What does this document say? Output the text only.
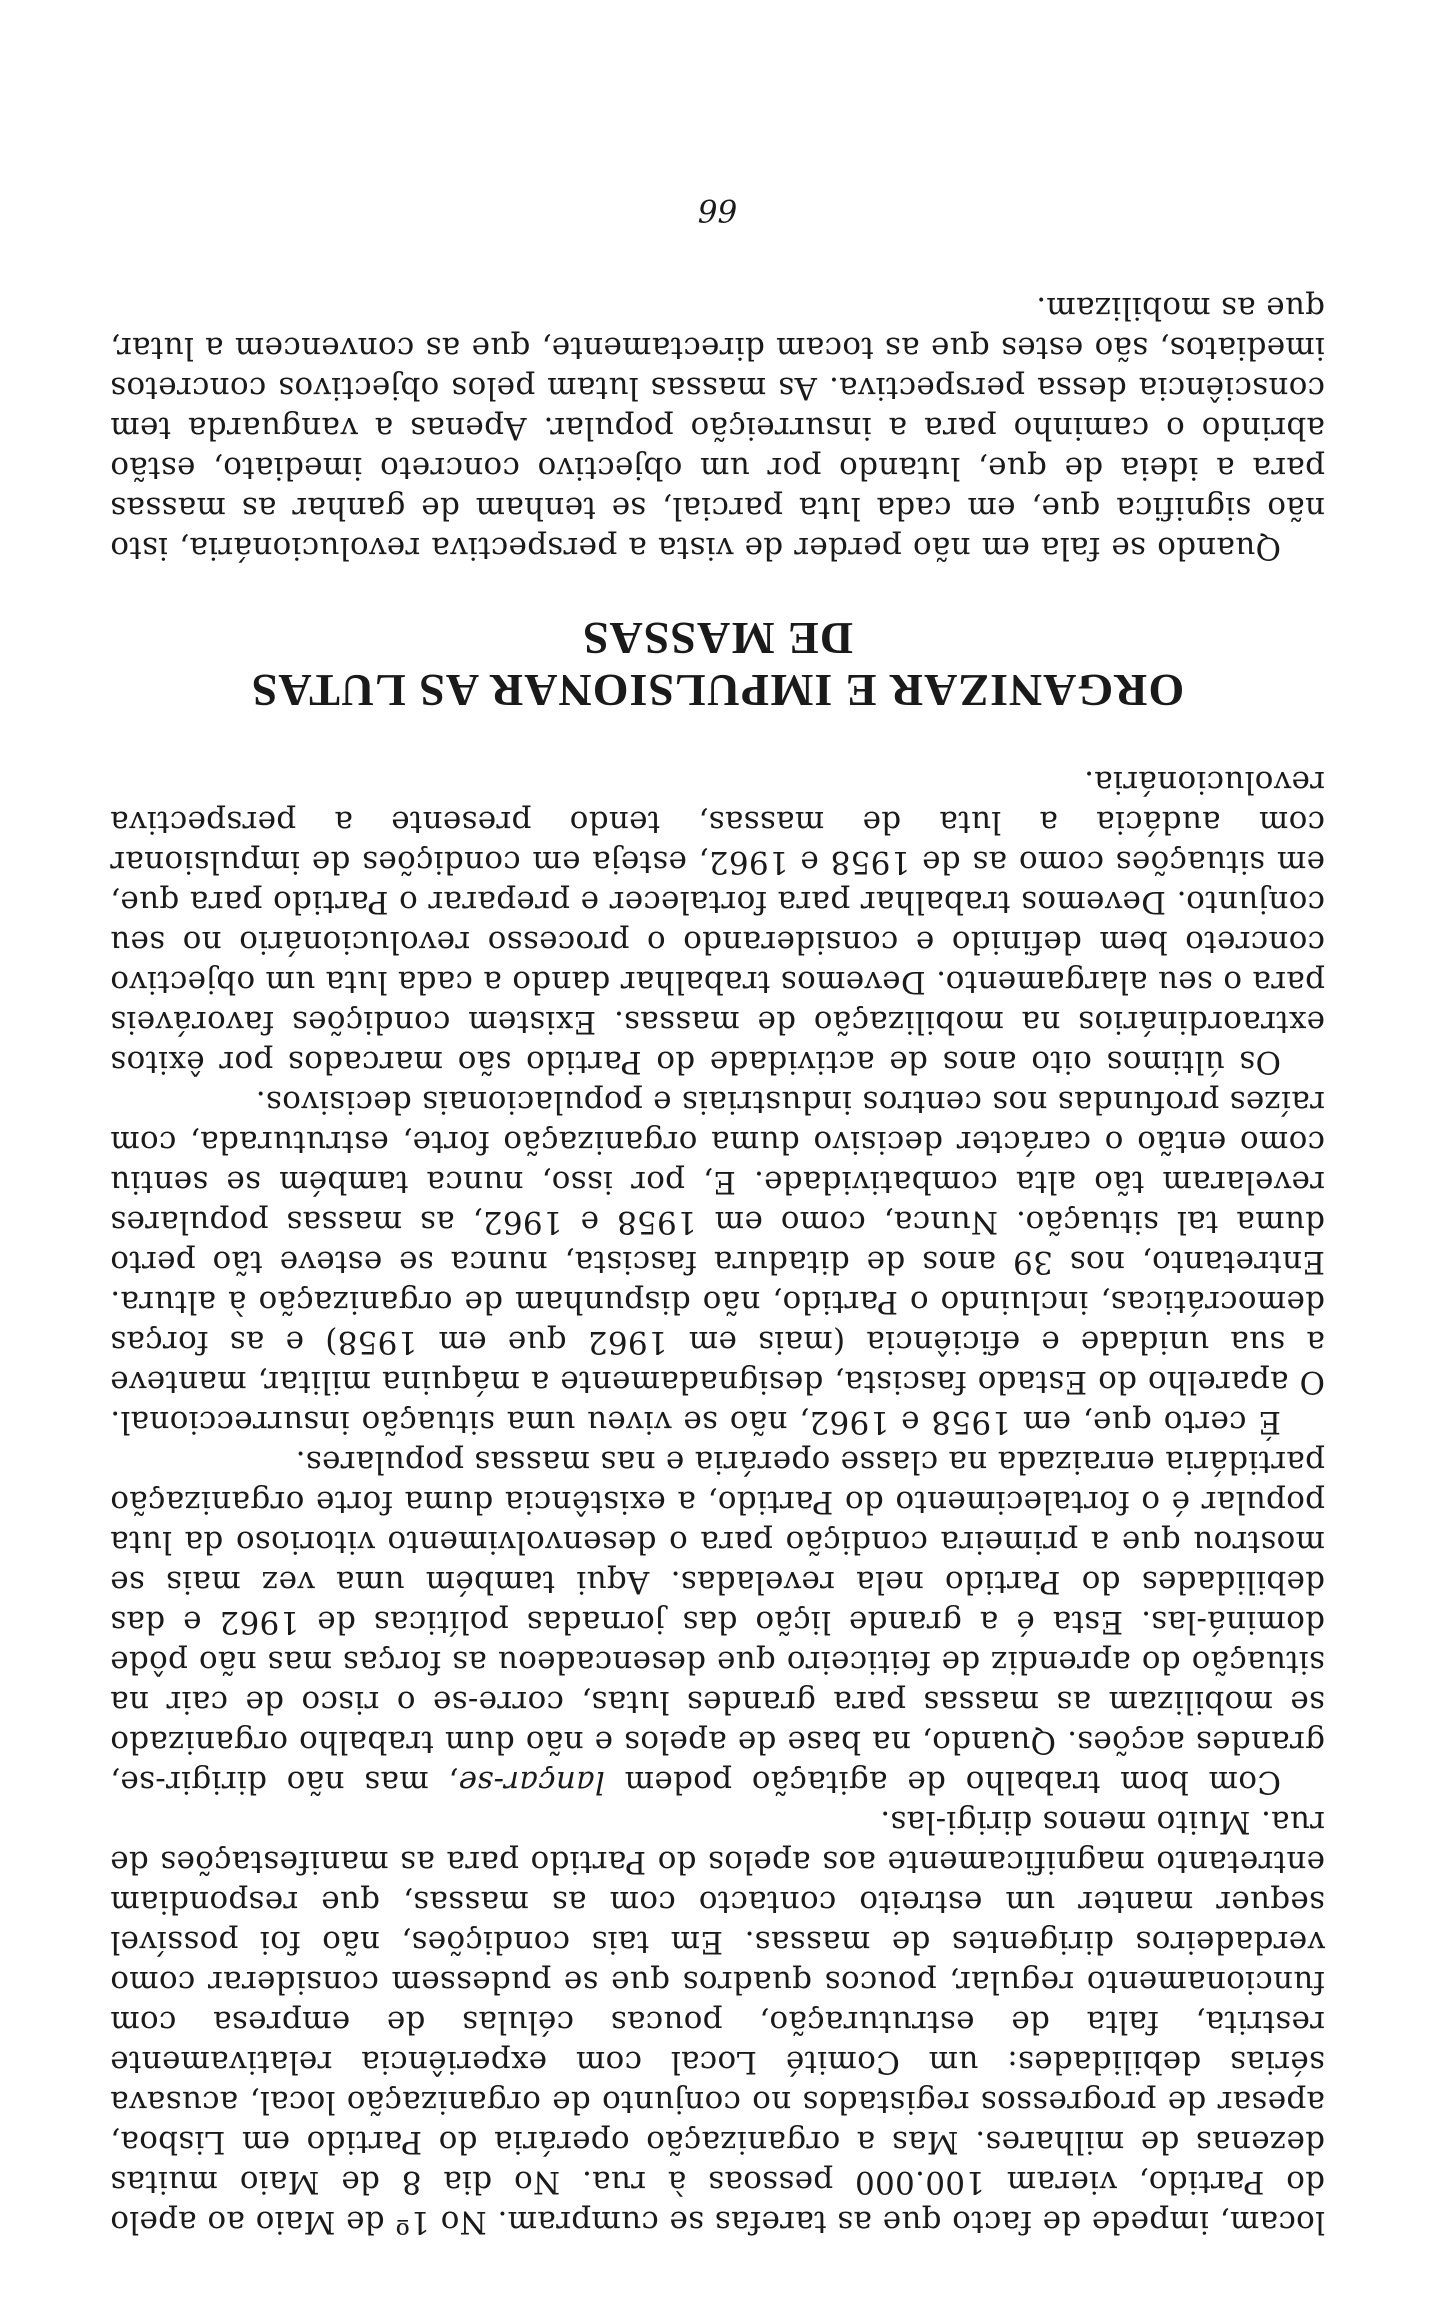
locam, impede de facto que as tarefas se cumpram. No 1º de Maio ao apelo do Partido, vieram 100.000 pessoas à rua. No dia 8 de Maio muitas dezenas de milhares. Mas a organização operária do Partido em Lisboa, apesar de progressos registados no conjunto de organização local, acusava sérias debilidades: um Comité Local com experiência relativamente restrita, falta de estruturação, poucas células de empresa com funcionamento regular, poucos quadros que se pudessem considerar como verdadeiros dirigentes de massas. Em tais condições, não foi possível sequer manter um estreito contacto com as massas, que respondiam entretanto magnificamente aos apelos do Partido para as manifestações de rua. Muito menos dirigi-las.

Com bom trabalho de agitação podem lançar-se, mas não dirigir-se, grandes acções. Quando, na base de apelos e não dum trabalho organizado se mobilizam as massas para grandes lutas, corre-se o risco de cair na situação do aprendiz de feiticeiro que desencadeou as forças mas não pôde dominá-las. Esta é a grande lição das jornadas políticas de 1962 e das debilidades do Partido nela reveladas. Aqui também uma vez mais se mostrou que a primeira condição para o desenvolvimento vitorioso da luta popular é o fortalecimento do Partido, a existência duma forte organização partidária enraizada na classe operária e nas massas populares.

É certo que, em 1958 e 1962, não se viveu uma situação insurreccional. O aparelho do Estado fascista, designadamente a máquina militar, manteve a sua unidade e eficiência (mais em 1962 que em 1958) e as forças democráticas, incluindo o Partido, não dispunham de organização à altura. Entretanto, nos 39 anos de ditadura fascista, nunca se esteve tão perto duma tal situação. Nunca, como em 1958 e 1962, as massas populares revelaram tão alta combatividade. E, por isso, nunca também se sentiu como então o carácter decisivo duma organização forte, estruturada, com raízes profundas nos centros industriais e populacionais decisivos.

Os últimos oito anos de actividade do Partido são marcados por êxitos extraordinários na mobilização de massas. Existem condições favoráveis para o seu alargamento. Devemos trabalhar dando a cada luta um objectivo concreto bem definido e considerando o processo revolucionário no seu conjunto. Devemos trabalhar para fortalecer e preparar o Partido para que, em situações como as de 1958 e 1962, esteja em condições de impulsionar com audácia a luta de massas, tendo presente a perspectiva revolucionária.

ORGANIZAR E IMPULSIONAR AS LUTAS
DE MASSAS

Quando se fala em não perder de vista a perspectiva revolucionária, isto não significa que, em cada luta parcial, se tenham de ganhar as massas para a ideia de que, lutando por um objectivo concreto imediato, estão abrindo o caminho para a insurreição popular. Apenas a vanguarda tem consciência dessa perspectiva. As massas lutam pelos objectivos concretos imediatos, são estes que as tocam directamente, que as convencem a lutar, que as mobilizam.

66
